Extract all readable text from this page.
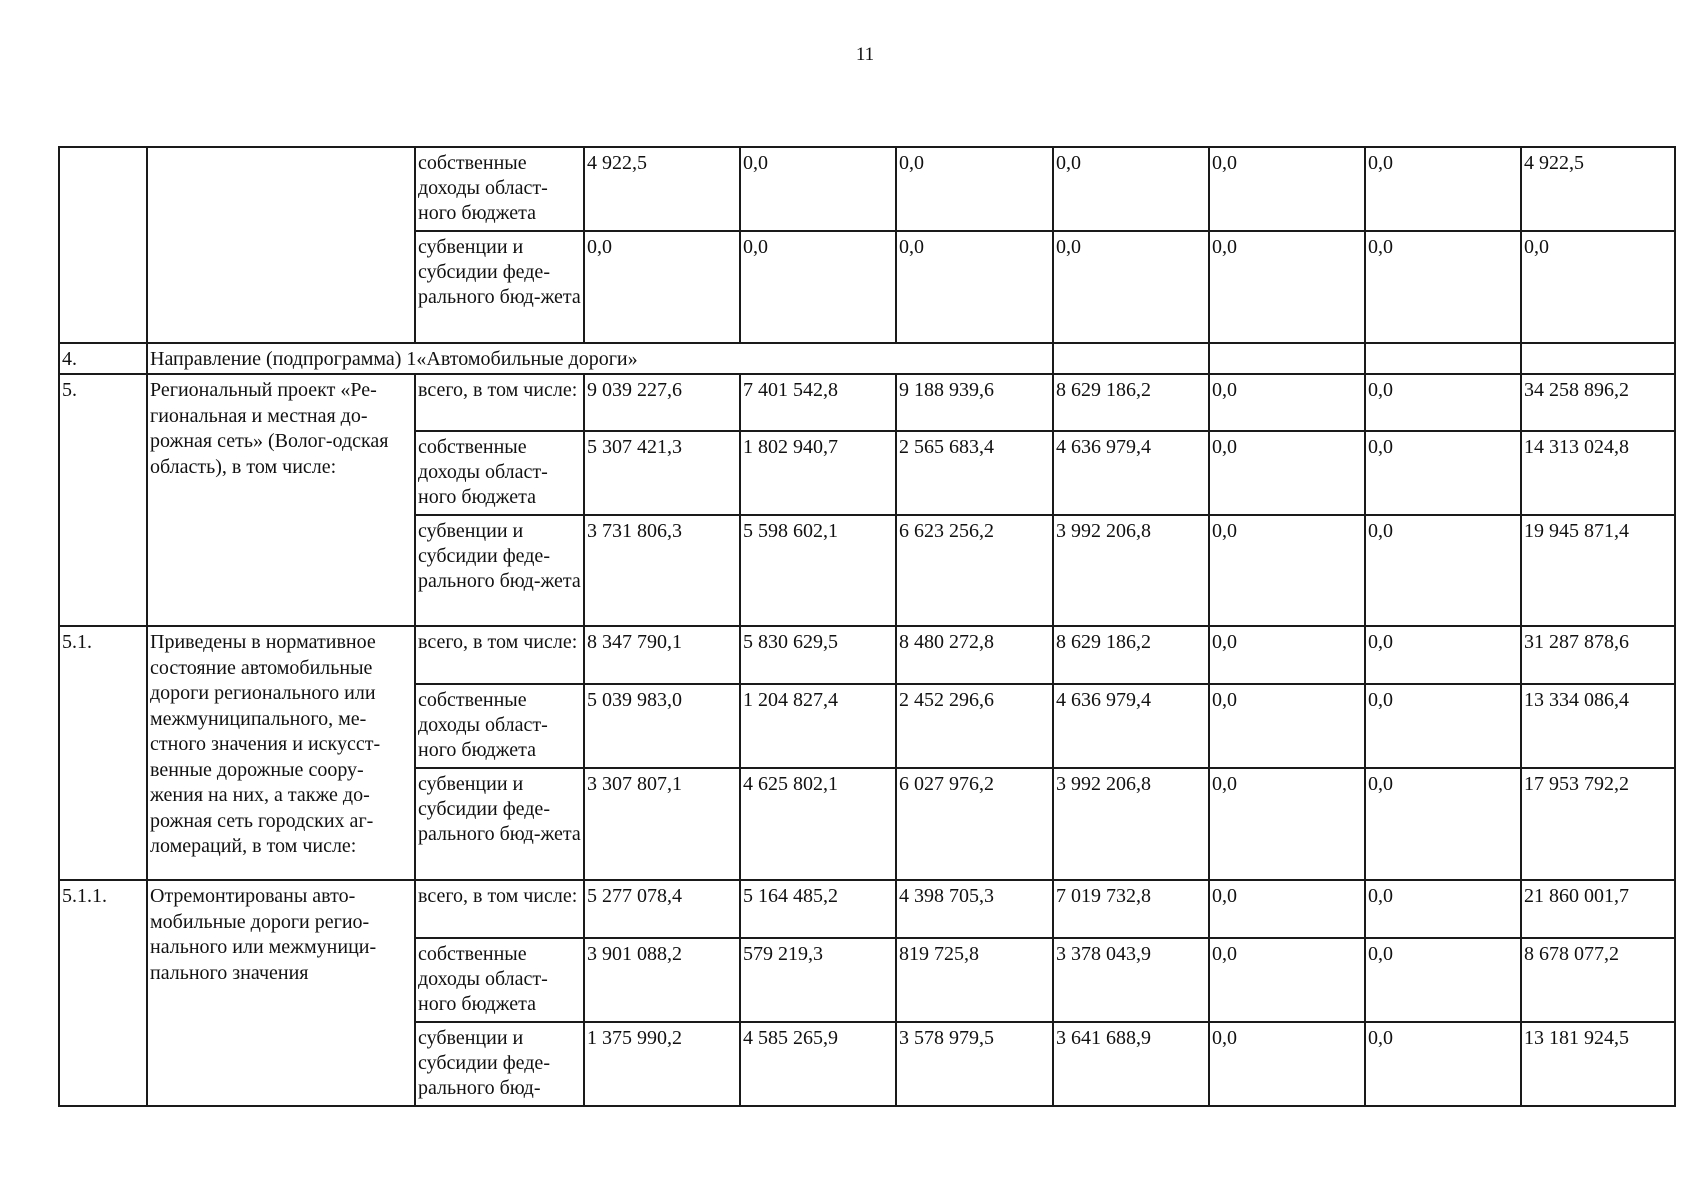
11
		собственные доходы област-ного бюджета	4 922,5	0,0	0,0	0,0	0,0	0,0	4 922,5
		субвенции и субсидии феде-рального бюд-жета	0,0	0,0	0,0	0,0	0,0	0,0	0,0
4.	Направление (подпрограмма) 1«Автомобильные дороги»								
5.	Региональный проект «Ре-гиональная и местная до-рожная сеть» (Волог-одская область), в том числе:	всего, в том числе:	9 039 227,6	7 401 542,8	9 188 939,6	8 629 186,2	0,0	0,0	34 258 896,2
		собственные доходы област-ного бюджета	5 307 421,3	1 802 940,7	2 565 683,4	4 636 979,4	0,0	0,0	14 313 024,8
		субвенции и субсидии феде-рального бюд-жета	3 731 806,3	5 598 602,1	6 623 256,2	3 992 206,8	0,0	0,0	19 945 871,4
5.1.	Приведены в нормативное состояние автомобильные дороги регионального или межмуниципального, ме-стного значения и искусст-венные дорожные соору-жения на них, а также до-рожная сеть городских аг-ломераций, в том числе:	всего, в том числе:	8 347 790,1	5 830 629,5	8 480 272,8	8 629 186,2	0,0	0,0	31 287 878,6
		собственные доходы област-ного бюджета	5 039 983,0	1 204 827,4	2 452 296,6	4 636 979,4	0,0	0,0	13 334 086,4
		субвенции и субсидии феде-рального бюд-жета	3 307 807,1	4 625 802,1	6 027 976,2	3 992 206,8	0,0	0,0	17 953 792,2
5.1.1.	Отремонтированы авто-мобильные дороги регио-нального или межмуници-пального значения	всего, в том числе:	5 277 078,4	5 164 485,2	4 398 705,3	7 019 732,8	0,0	0,0	21 860 001,7
		собственные доходы област-ного бюджета	3 901 088,2	579 219,3	819 725,8	3 378 043,9	0,0	0,0	8 678 077,2
		субвенции и субсидии феде-рального бюд-	1 375 990,2	4 585 265,9	3 578 979,5	3 641 688,9	0,0	0,0	13 181 924,5
